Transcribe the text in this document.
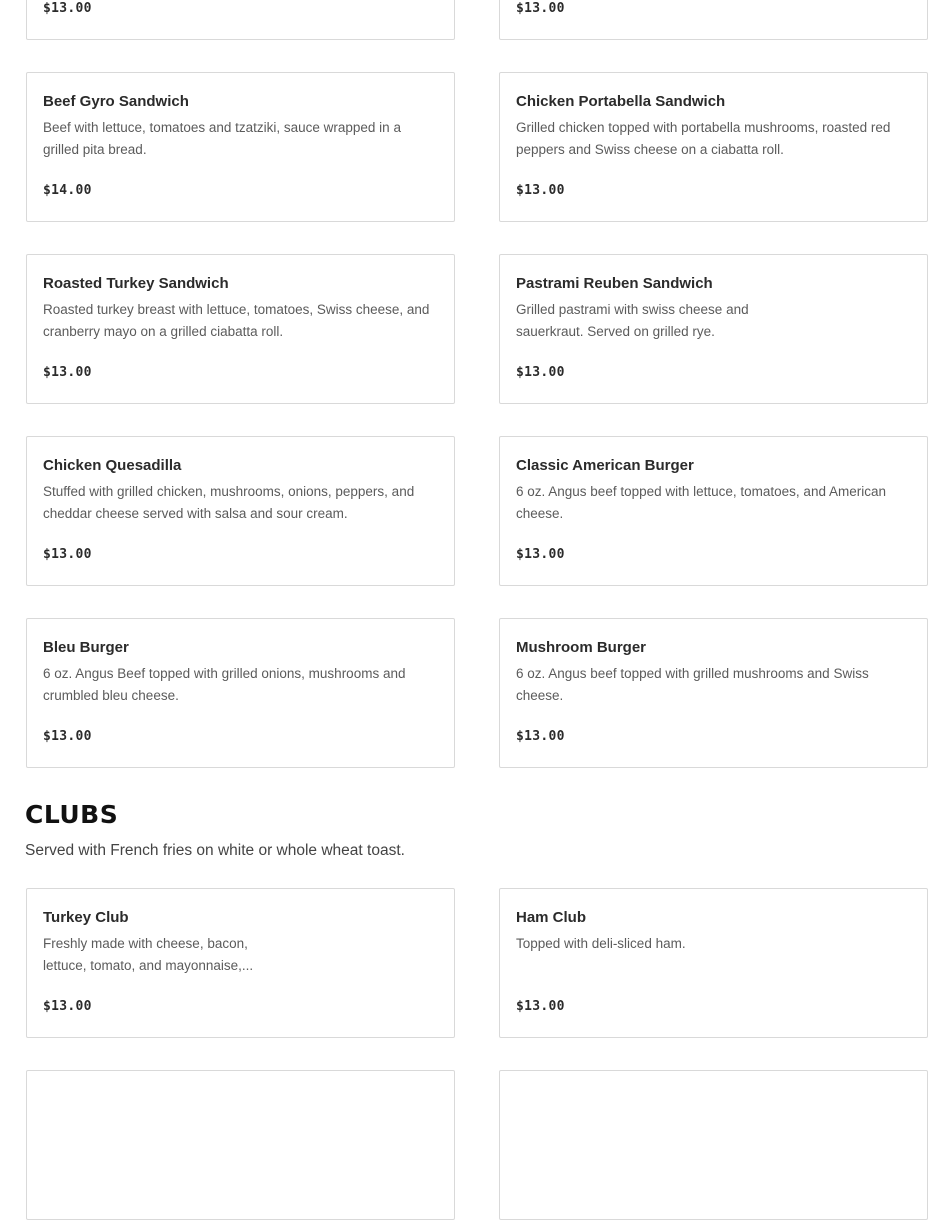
$13.00	$13.00
Beef Gyro Sandwich
Beef with lettuce, tomatoes and tzatziki, sauce wrapped in a grilled pita bread.
$14.00
Chicken Portabella Sandwich
Grilled chicken topped with portabella mushrooms, roasted red peppers and Swiss cheese on a ciabatta roll.
$13.00
Roasted Turkey Sandwich
Roasted turkey breast with lettuce, tomatoes, Swiss cheese, and cranberry mayo on a grilled ciabatta roll.
$13.00
Pastrami Reuben Sandwich
Grilled pastrami with swiss cheese and sauerkraut. Served on grilled rye.
$13.00
Chicken Quesadilla
Stuffed with grilled chicken, mushrooms, onions, peppers, and cheddar cheese served with salsa and sour cream.
$13.00
Classic American Burger
6 oz. Angus beef topped with lettuce, tomatoes, and American cheese.
$13.00
Bleu Burger
6 oz. Angus Beef topped with grilled onions, mushrooms and crumbled bleu cheese.
$13.00
Mushroom Burger
6 oz. Angus beef topped with grilled mushrooms and Swiss cheese.
$13.00
CLUBS

Served with French fries on white or whole wheat toast.

Turkey Club
Freshly made with cheese, bacon, lettuce, tomato, and mayonnaise,...
$13.00
Ham Club
Topped with deli-sliced ham.
$13.00
